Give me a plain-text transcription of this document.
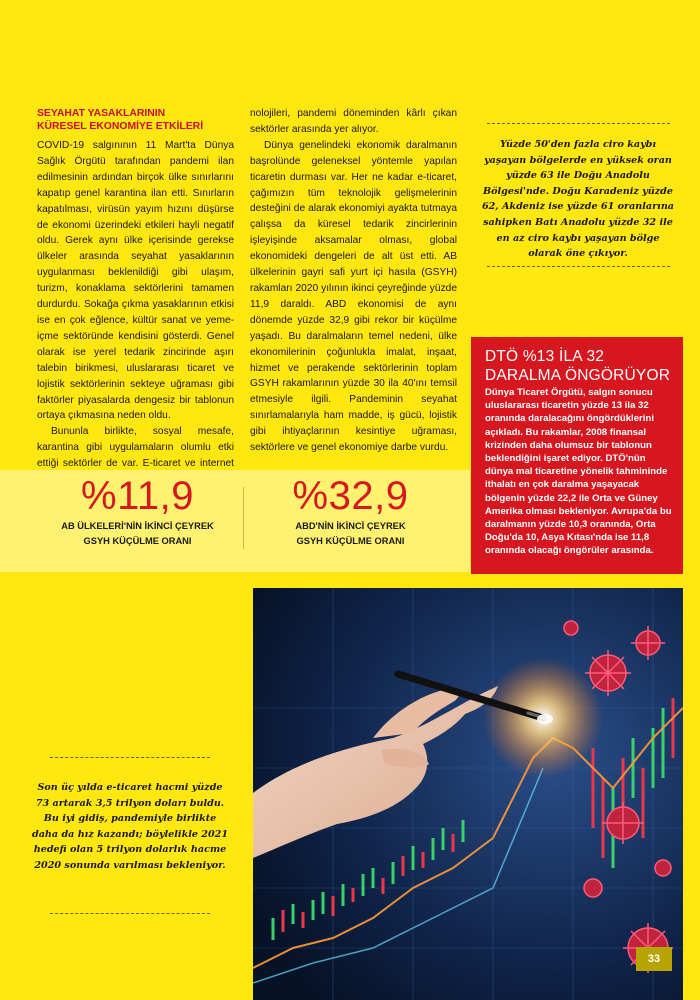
SEYAHAT YASAKLARININ
KÜRESEL EKONOMİYE ETKİLERİ

COVID-19 salgınının 11 Mart'ta Dünya Sağlık Örgütü tarafından pandemi ilan edilmesinin ardından birçok ülke sınırlarını kapatıp genel karantina ilan etti. Sınırların kapatılması, virüsün yayım hızını düşürse de ekonomi üzerindeki etkileri hayli negatif oldu. Gerek aynı ülke içerisinde gerekse ülkeler arasında seyahat yasaklarının uygulanması beklenildiği gibi ulaşım, turizm, konaklama sektörlerini tamamen durdurdu. Sokağa çıkma yasaklarının etkisi ise en çok eğlence, kültür sanat ve yeme-içme sektöründe kendisini gösterdi. Genel olarak ise yerel tedarik zincirinde aşırı talebin birikmesi, uluslararası ticaret ve lojistik sektörlerinin sekteye uğraması gibi faktörler piyasalarda dengesiz bir tablonun ortaya çıkmasına neden oldu.

Bununla birlikte, sosyal mesafe, karantina gibi uygulamaların olumlu etki ettiği sektörler de var. E-ticaret ve internet

nolojileri, pandemi döneminden kârlı çıkan sektörler arasında yer alıyor.

Dünya genelindeki ekonomik daralmanın başrolünde geleneksel yöntemle yapılan ticaretin durması var. Her ne kadar e-ticaret, çağımızın tüm teknolojik gelişmelerinin desteğini de alarak ekonomiyi ayakta tutmaya çalışsa da küresel tedarik zincirlerinin işleyişinde aksamalar olması, global ekonomideki dengeleri de alt üst etti. AB ülkelerinin gayri safi yurt içi hasıla (GSYH) rakamları 2020 yılının ikinci çeyreğinde yüzde 11,9 daraldı. ABD ekonomisi de aynı dönemde yüzde 32,9 gibi rekor bir küçülme yaşadı. Bu daralmaların temel nedeni, ülke ekonomilerinin çoğunlukla imalat, inşaat, hizmet ve perakende sektörlerinin toplam GSYH rakamlarının yüzde 30 ila 40'ını temsil etmesiyle ilgili. Pandeminin seyahat sınırlamalarıyla ham madde, iş gücü, lojistik gibi ihtiyaçlarının kesintiye uğraması, sektörlere ve genel ekonomiye darbe vurdu.

Yüzde 50'den fazla ciro kaybı yaşayan bölgelerde en yüksek oran yüzde 63 ile Doğu Anadolu Bölgesi'nde. Doğu Karadeniz yüzde 62, Akdeniz ise yüzde 61 oranlarına sahipken Batı Anadolu yüzde 32 ile en az ciro kaybı yaşayan bölge olarak öne çıkıyor.
%11,9
AB ÜLKELERİ'NİN İKİNCİ ÇEYREK
GSYH KÜÇÜLME ORANI
%32,9
ABD'NİN İKİNCİ ÇEYREK
GSYH KÜÇÜLME ORANI
DTÖ %13 İLA 32
DARALMA ÖNGÖRÜYOR
Dünya Ticaret Örgütü, salgın sonucu uluslararası ticaretin yüzde 13 ila 32 oranında daralacağını öngördüklerini açıkladı. Bu rakamlar, 2008 finansal krizinden daha olumsuz bir tablonun beklendiğini işaret ediyor. DTÖ'nün dünya mal ticaretine yönelik tahmininde ithalatı en çok daralma yaşayacak bölgenin yüzde 22,2 ile Orta ve Güney Amerika olması bekleniyor. Avrupa'da bu daralmanın yüzde 10,3 oranında, Orta Doğu'da 10, Asya Kıtası'nda ise 11,8 oranında olacağı öngörüler arasında.
Son üç yılda e-ticaret hacmi yüzde 73 artarak 3,5 trilyon doları buldu. Bu iyi gidiş, pandemiyle birlikte daha da hız kazandı; böylelikle 2021 hedefi olan 5 trilyon dolarlık hacme 2020 sonunda varılması bekleniyor.
33
